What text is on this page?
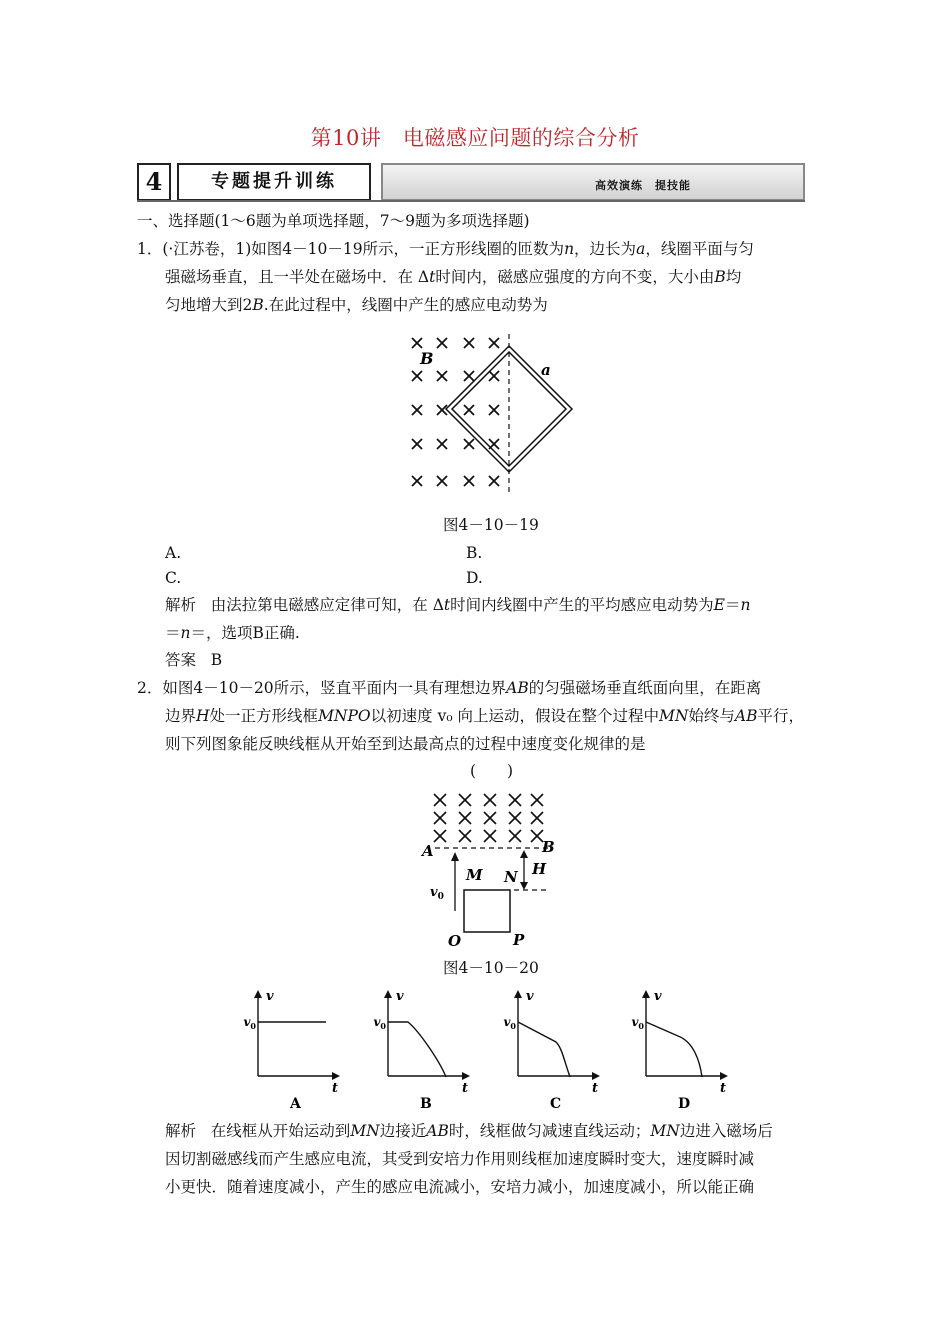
第10讲　电磁感应问题的综合分析
4	专题提升训练	高效演练　提技能
一、选择题(1～6题为单项选择题，7～9题为多项选择题)
1．(·江苏卷，1)如图4－10－19所示，一正方形线圈的匝数为n，边长为a，线圈平面与匀
强磁场垂直，且一半处在磁场中．在 Δt时间内，磁感应强度的方向不变，大小由B均
匀地增大到2B.在此过程中，线圈中产生的感应电动势为
B
a
图4－10－19
A.	B.
C.	D.
解析 由法拉第电磁感应定律可知，在 Δt时间内线圈中产生的平均感应电动势为E＝n
＝n＝，选项B正确.
答案 B
2．如图4－10－20所示，竖直平面内一具有理想边界AB的匀强磁场垂直纸面向里，在距离
边界H处一正方形线框MNPO以初速度 v₀ 向上运动，假设在整个过程中MN始终与AB平行，
则下列图象能反映线框从开始至到达最高点的过程中速度变化规律的是
(　　)
A	B
H
M N
$v_0$
O	P
图4－10－20
v
t
$v_0$
A
v
t
$v_0$
B
v
t
$v_0$
C
v
t
$v_0$
D
解析 在线框从开始运动到MN边接近AB时，线框做匀减速直线运动；MN边进入磁场后
因切割磁感线而产生感应电流，其受到安培力作用则线框加速度瞬时变大，速度瞬时减
小更快．随着速度减小，产生的感应电流减小，安培力减小，加速度减小，所以能正确
